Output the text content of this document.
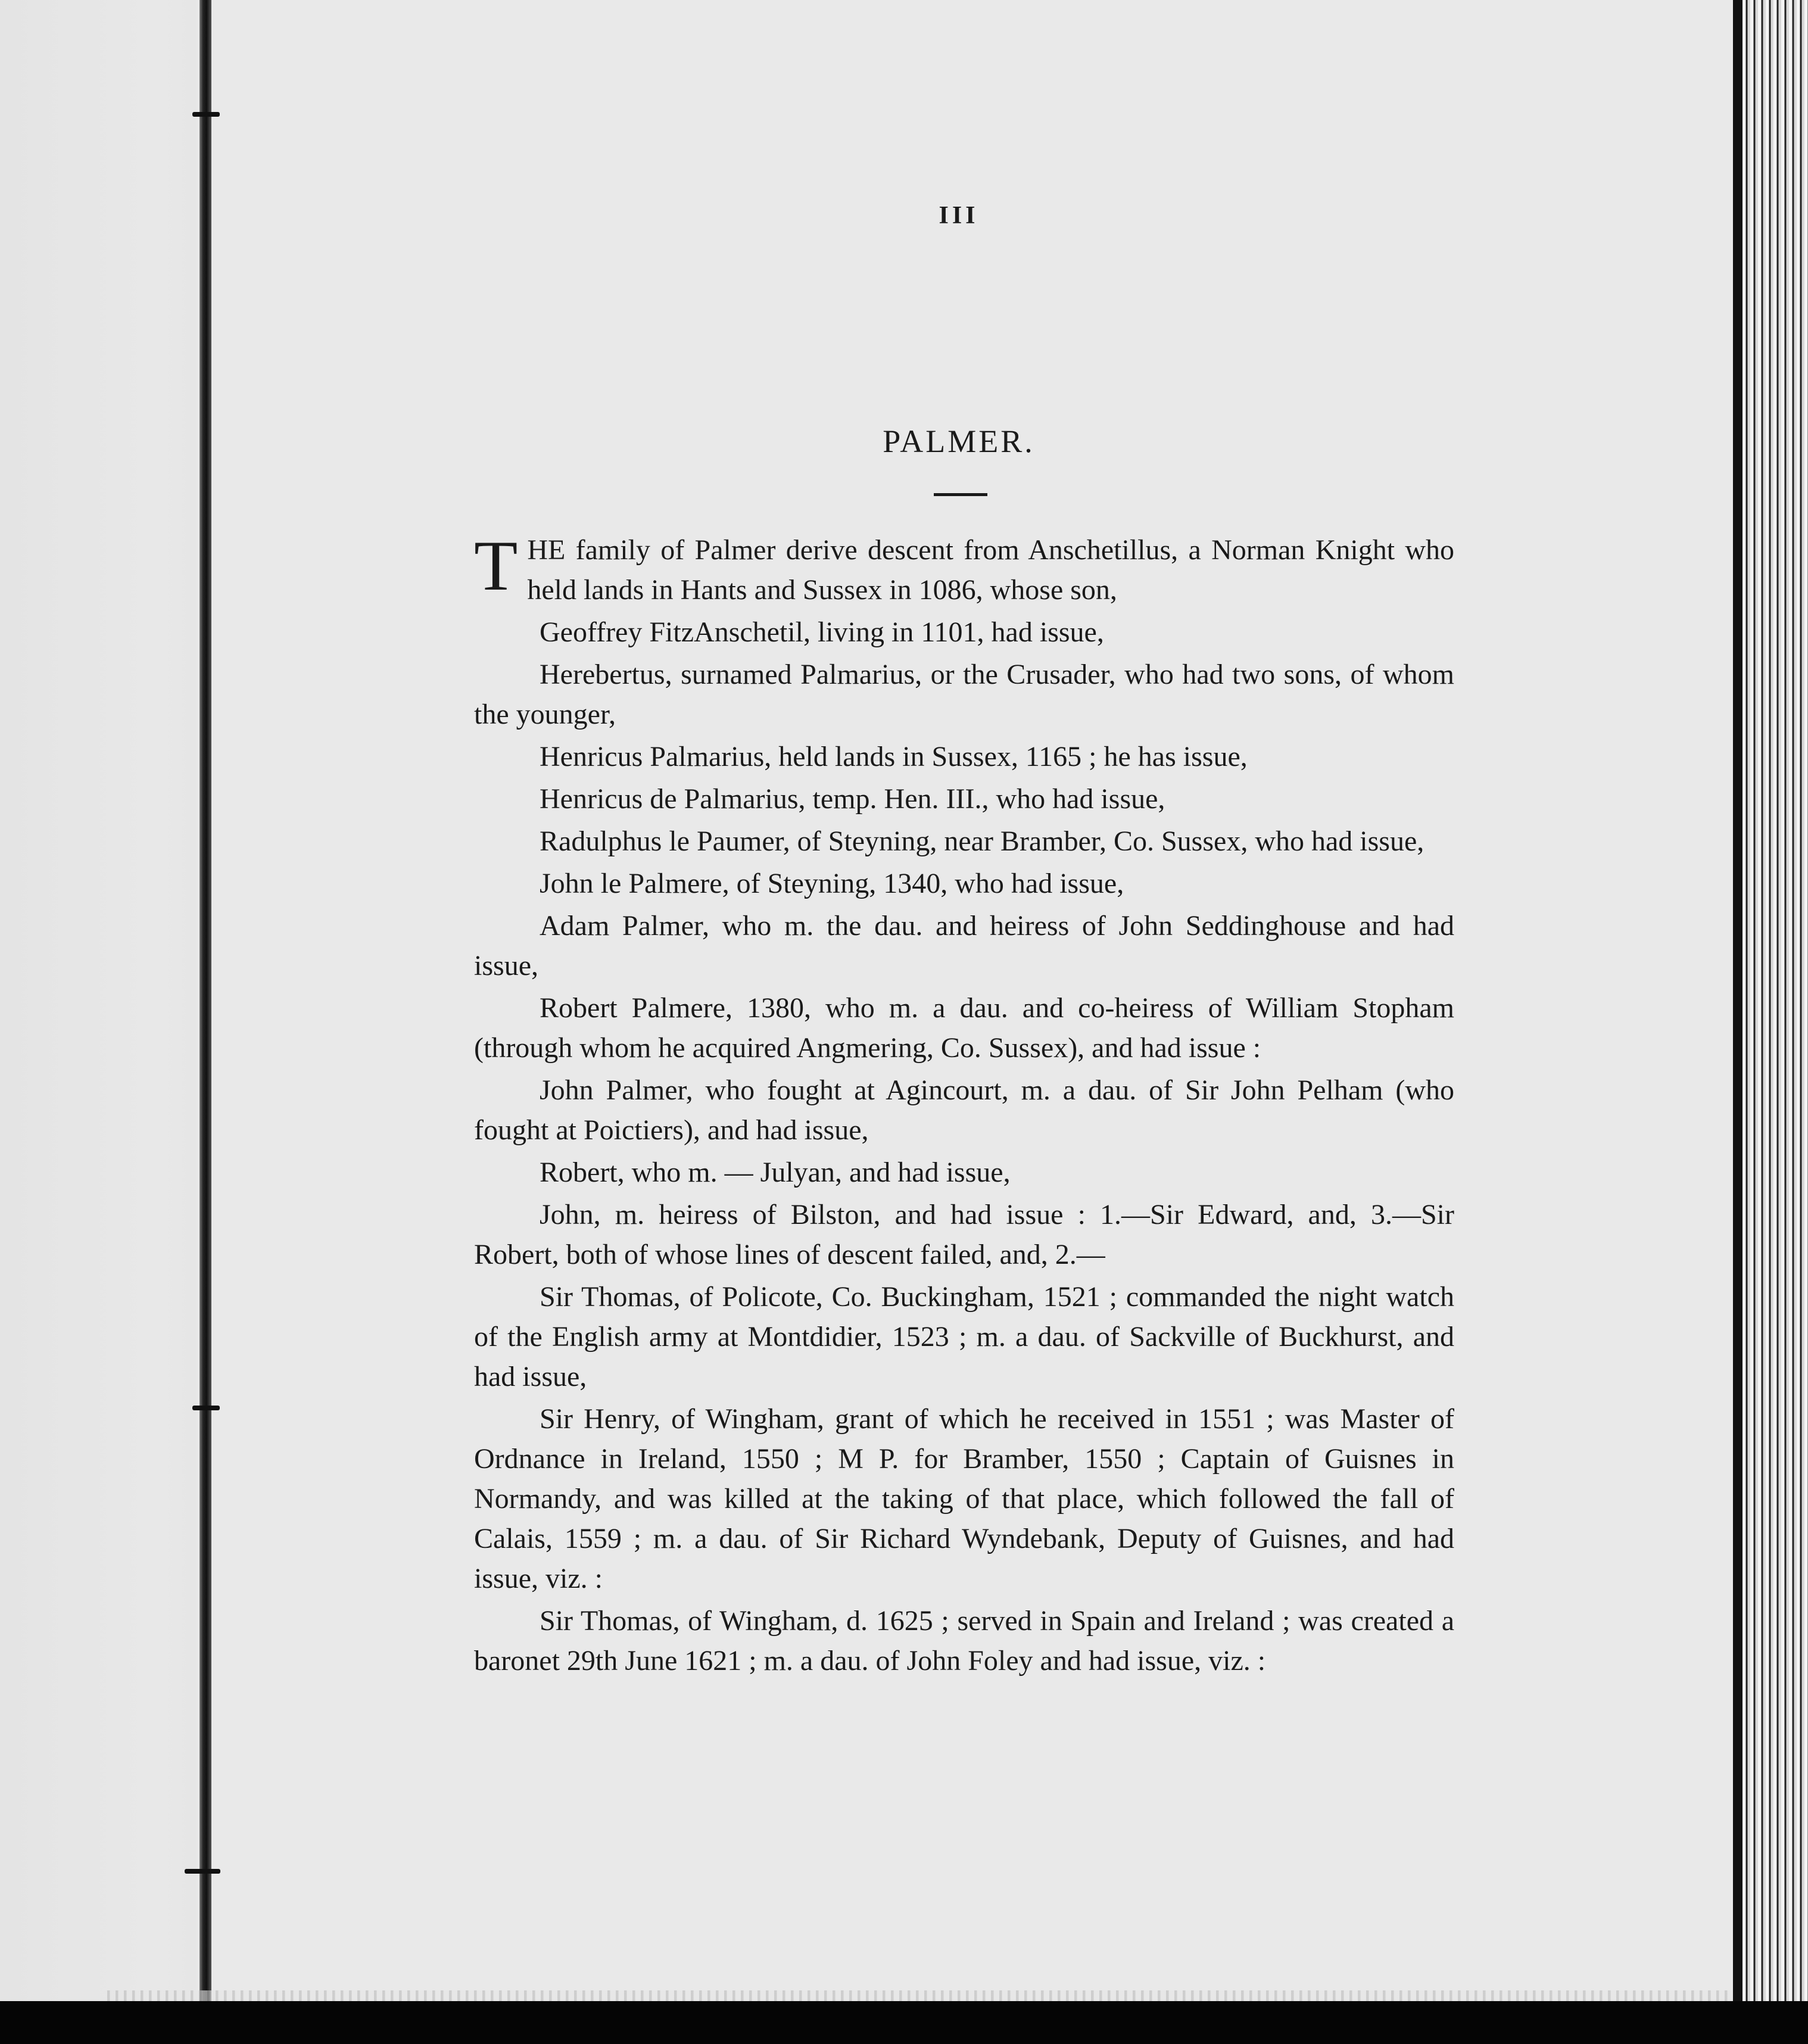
III
PALMER.

THE family of Palmer derive descent from Anschetillus, a Norman Knight who held lands in Hants and Sussex in 1086, whose son,

Geoffrey FitzAnschetil, living in 1101, had issue,

Herebertus, surnamed Palmarius, or the Crusader, who had two sons, of whom the younger,

Henricus Palmarius, held lands in Sussex, 1165 ; he has issue,

Henricus de Palmarius, temp. Hen. III., who had issue,

Radulphus le Paumer, of Steyning, near Bramber, Co. Sussex, who had issue,

John le Palmere, of Steyning, 1340, who had issue,

Adam Palmer, who m. the dau. and heiress of John Seddinghouse and had issue,

Robert Palmere, 1380, who m. a dau. and co-heiress of William Stopham (through whom he acquired Angmering, Co. Sussex), and had issue :

John Palmer, who fought at Agincourt, m. a dau. of Sir John Pelham (who fought at Poictiers), and had issue,

Robert, who m. — Julyan, and had issue,

John, m. heiress of Bilston, and had issue : 1.—Sir Edward, and, 3.—Sir Robert, both of whose lines of descent failed, and, 2.—

Sir Thomas, of Policote, Co. Buckingham, 1521 ; commanded the night watch of the English army at Montdidier, 1523 ; m. a dau. of Sackville of Buckhurst, and had issue,

Sir Henry, of Wingham, grant of which he received in 1551 ; was Master of Ordnance in Ireland, 1550 ; M P. for Bramber, 1550 ; Captain of Guisnes in Normandy, and was killed at the taking of that place, which followed the fall of Calais, 1559 ; m. a dau. of Sir Richard Wyndebank, Deputy of Guisnes, and had issue, viz. :

Sir Thomas, of Wingham, d. 1625 ; served in Spain and Ireland ; was created a baronet 29th June 1621 ; m. a dau. of John Foley and had issue, viz. :
